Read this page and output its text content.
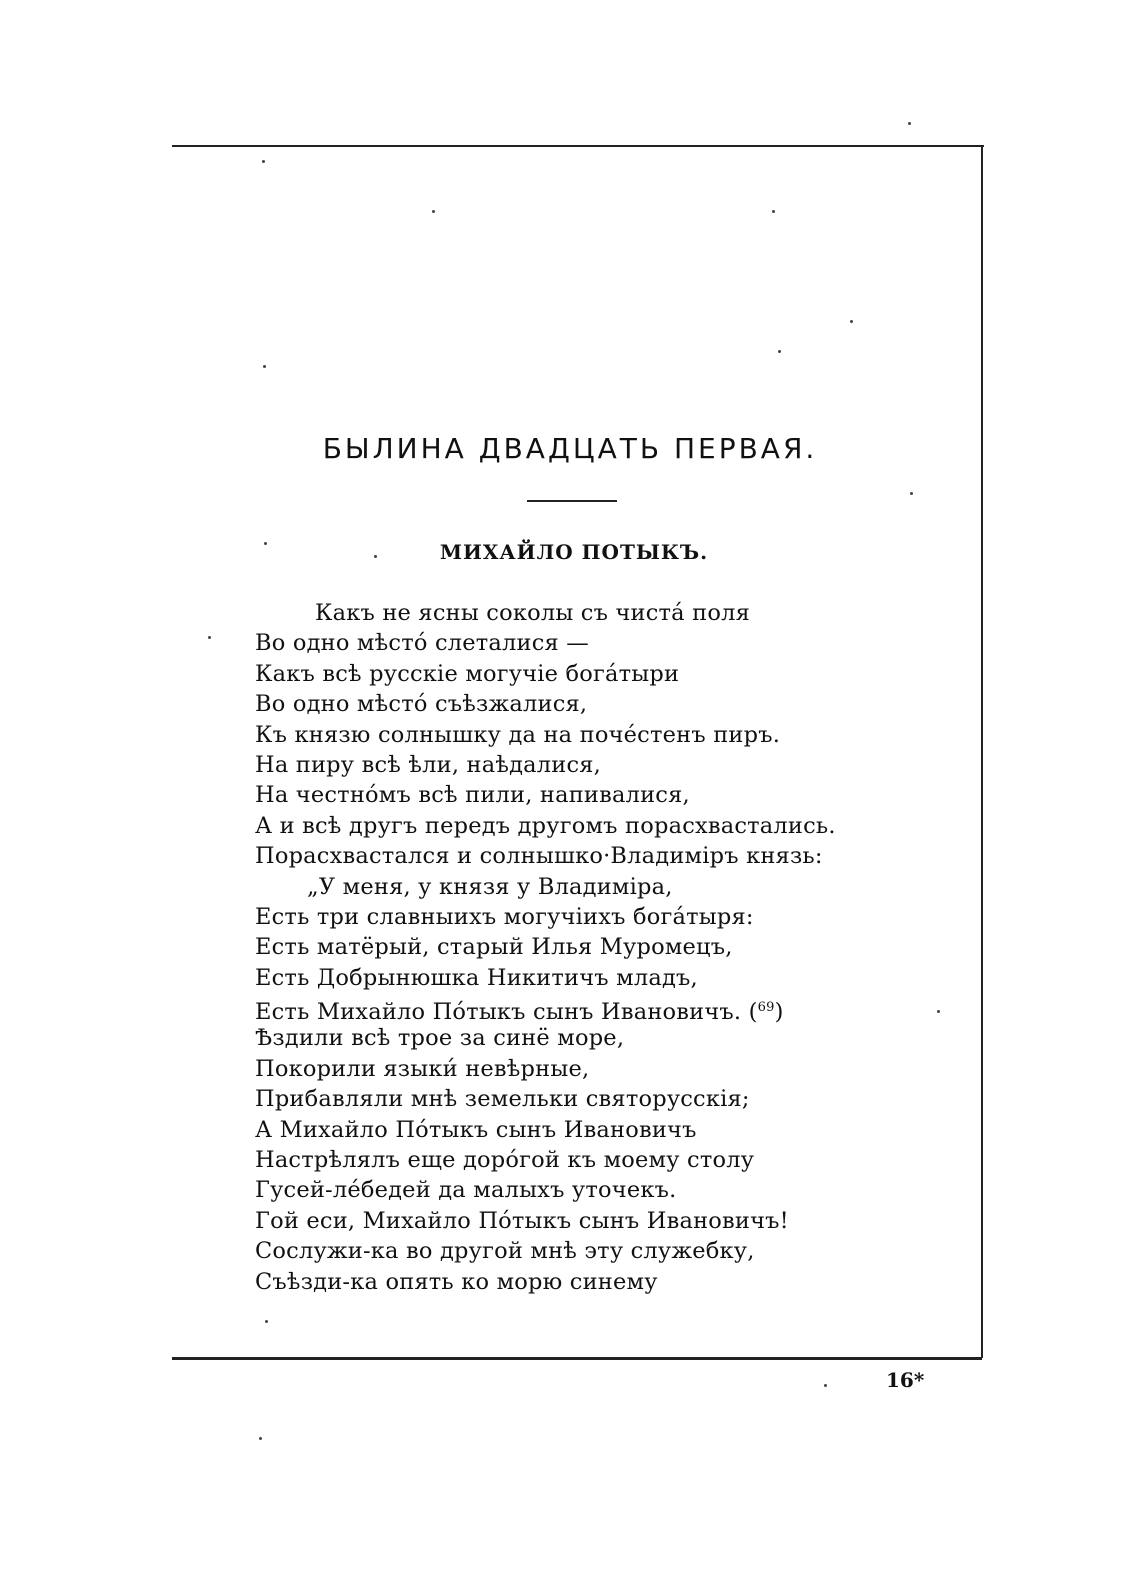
БЫЛИНА ДВАДЦАТЬ ПЕРВАЯ.
МИХАЙЛО ПОТЫКЪ.
Какъ не ясны соколы съ чиста́ поля
Во одно мѣсто́ слеталися —
Какъ всѣ русскіе могучіе бога́тыри
Во одно мѣсто́ съѣзжалися,
Къ князю солнышку да на поче́стенъ пиръ.
На пиру всѣ ѣли, наѣдалися,
На честно́мъ всѣ пили, напивалися,
А и всѣ другъ передъ другомъ порасхвастались.
Порасхвастался и солнышко·Владиміръ князь:
„У меня, у князя у Владиміра,
Есть три славныихъ могучіихъ бога́тыря:
Есть матёрый, старый Илья Муромецъ,
Есть Добрынюшка Никитичъ младъ,
Есть Михайло По́тыкъ сынъ Ивановичъ. ($^{69}$)
Ѣздили всѣ трое за синё море,
Покорили языки́ невѣрные,
Прибавляли мнѣ земельки святорусскія;
А Михайло По́тыкъ сынъ Ивановичъ
Настрѣлялъ еще доро́гой къ моему столу
Гусей-ле́бедей да малыхъ уточекъ.
Гой еси, Михайло По́тыкъ сынъ Ивановичъ!
Сослужи-ка во другой мнѣ эту служебку,
Съѣзди-ка опять ко морю синему
16*
